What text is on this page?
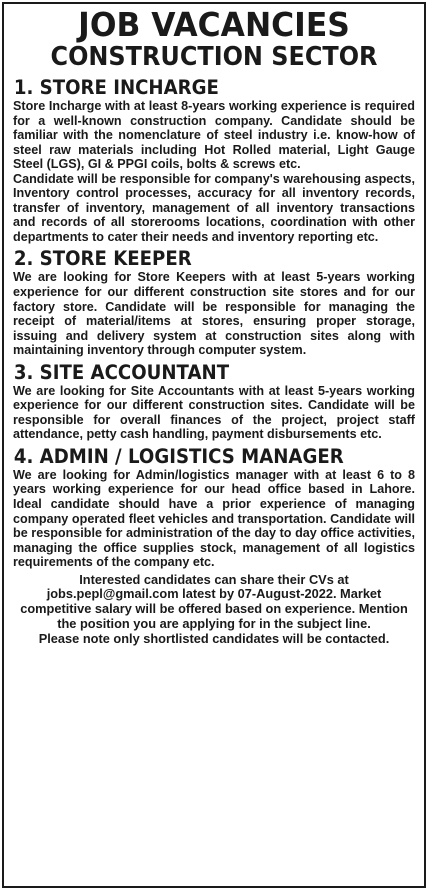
JOB VACANCIES
CONSTRUCTION SECTOR
1. STORE INCHARGE

Store Incharge with at least 8-years working experience is required for a well-known construction company. Candidate should be familiar with the nomenclature of steel industry i.e. know-how of steel raw materials including Hot Rolled material, Light Gauge Steel (LGS), GI & PPGI coils, bolts & screws etc.

Candidate will be responsible for company's warehousing aspects, Inventory control processes, accuracy for all inventory records, transfer of inventory, management of all inventory transactions and records of all storerooms locations, coordination with other departments to cater their needs and inventory reporting etc.

2. STORE KEEPER

We are looking for Store Keepers with at least 5-years working experience for our different construction site stores and for our factory store. Candidate will be responsible for managing the receipt of material/items at stores, ensuring proper storage, issuing and delivery system at construction sites along with maintaining inventory through computer system.

3. SITE ACCOUNTANT

We are looking for Site Accountants with at least 5-years working experience for our different construction sites. Candidate will be responsible for overall finances of the project, project staff attendance, petty cash handling, payment disbursements etc.

4. ADMIN / LOGISTICS MANAGER

We are looking for Admin/logistics manager with at least 6 to 8 years working experience for our head office based in Lahore. Ideal candidate should have a prior experience of managing company operated fleet vehicles and transportation. Candidate will be responsible for administration of the day to day office activities, managing the office supplies stock, management of all logistics requirements of the company etc.

Interested candidates can share their CVs at jobs.pepl@gmail.com latest by 07-August-2022. Market competitive salary will be offered based on experience. Mention the position you are applying for in the subject line.

Please note only shortlisted candidates will be contacted.
